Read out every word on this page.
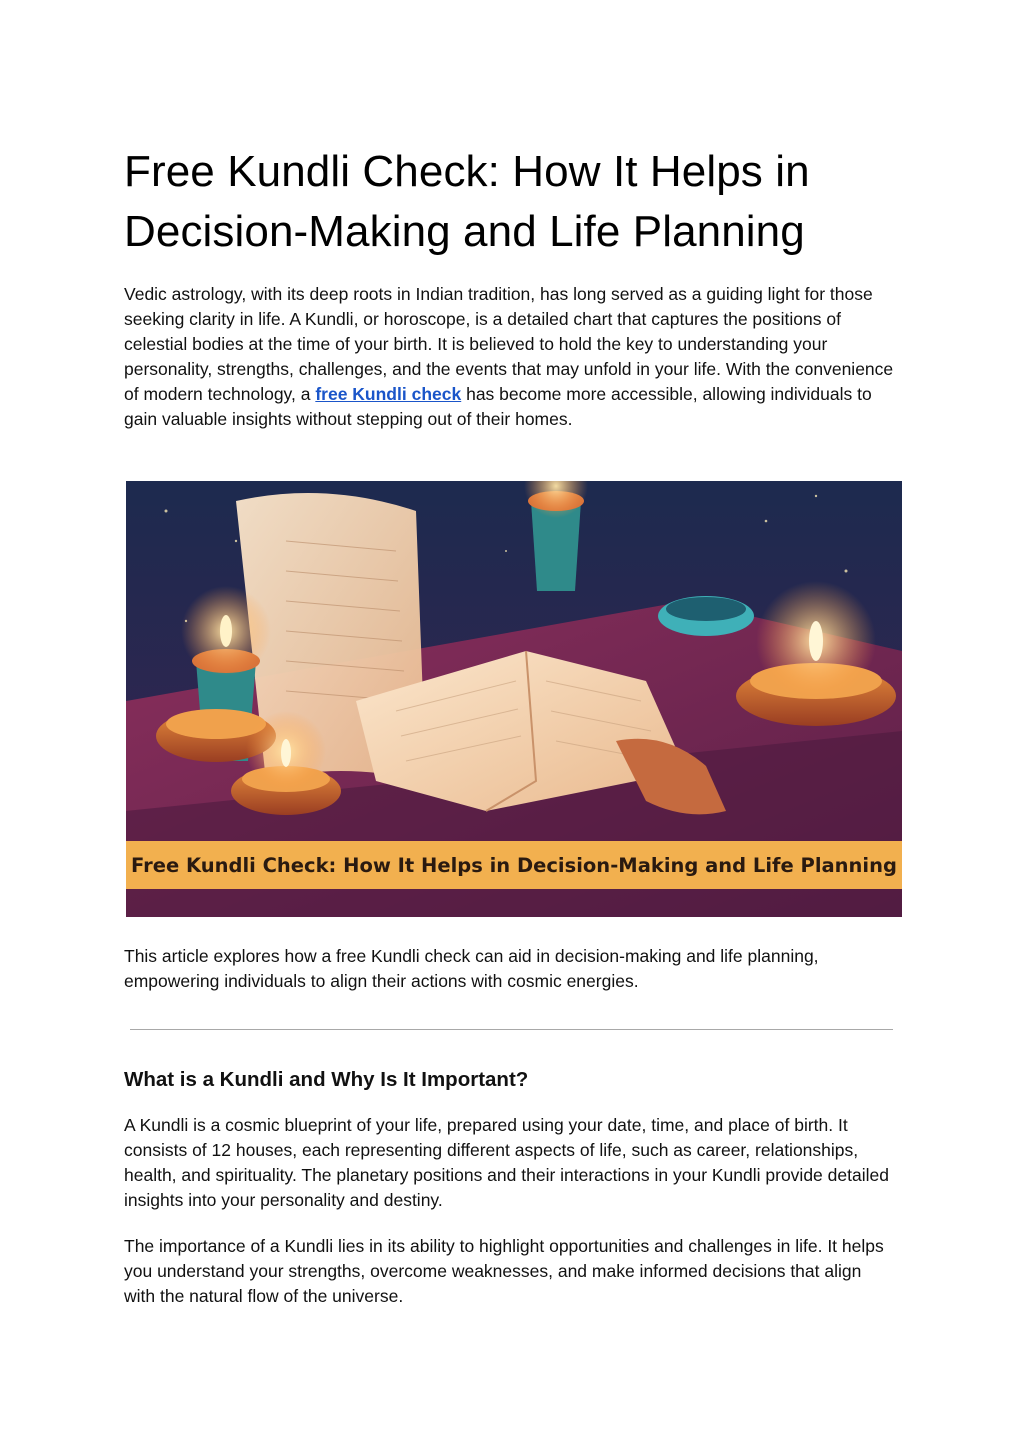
Free Kundli Check: How It Helps in
Decision-Making and Life Planning

Vedic astrology, with its deep roots in Indian tradition, has long served as a guiding light for those seeking clarity in life. A Kundli, or horoscope, is a detailed chart that captures the positions of celestial bodies at the time of your birth. It is believed to hold the key to understanding your personality, strengths, challenges, and the events that may unfold in your life. With the convenience of modern technology, a free Kundli check has become more accessible, allowing individuals to gain valuable insights without stepping out of their homes.

Free Kundli Check: How It Helps in Decision-Making and Life Planning

This article explores how a free Kundli check can aid in decision-making and life planning, empowering individuals to align their actions with cosmic energies.

What is a Kundli and Why Is It Important?

A Kundli is a cosmic blueprint of your life, prepared using your date, time, and place of birth. It consists of 12 houses, each representing different aspects of life, such as career, relationships, health, and spirituality. The planetary positions and their interactions in your Kundli provide detailed insights into your personality and destiny.

The importance of a Kundli lies in its ability to highlight opportunities and challenges in life. It helps you understand your strengths, overcome weaknesses, and make informed decisions that align with the natural flow of the universe.
